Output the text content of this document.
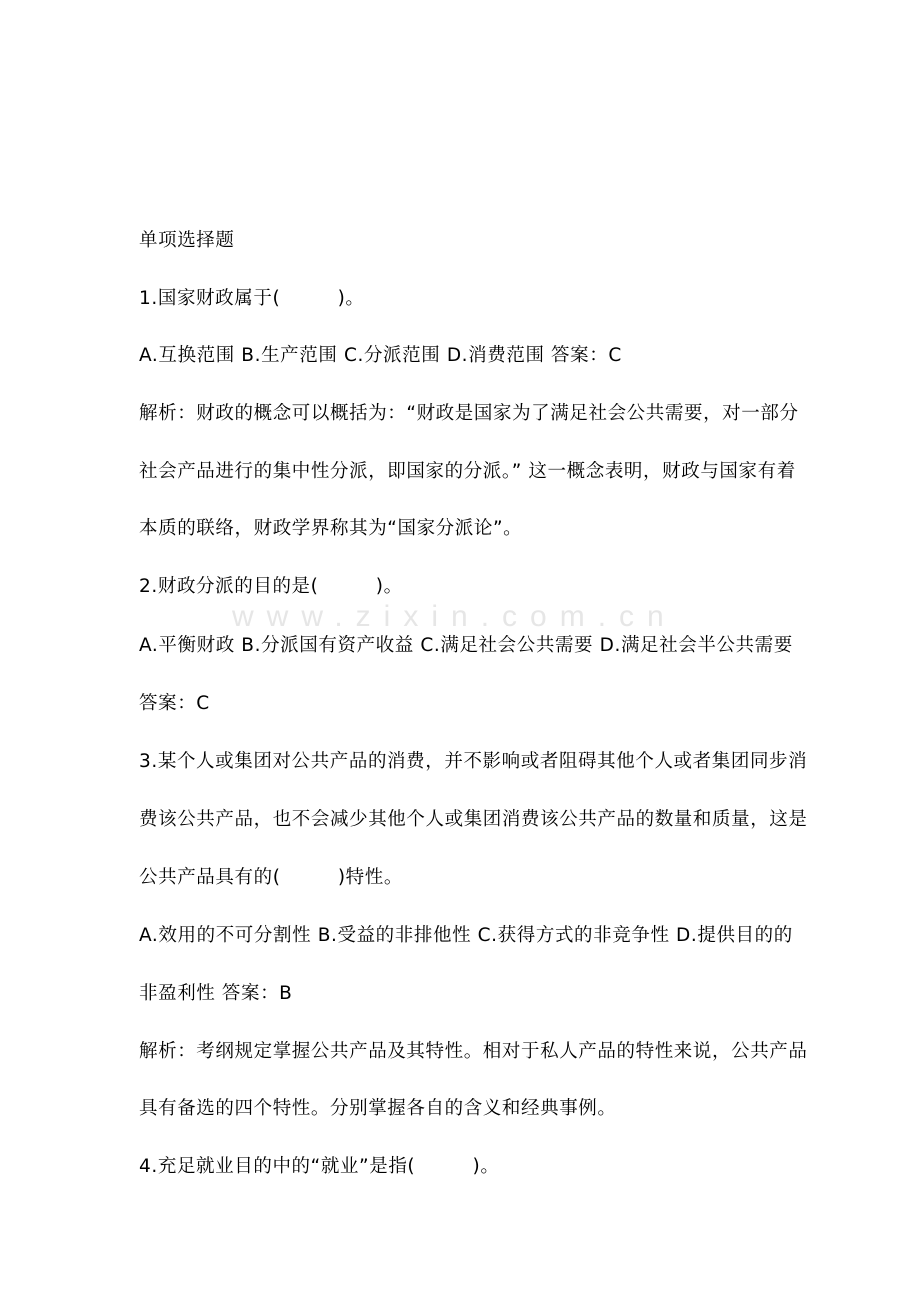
www.zixin.com.cn
单项选择题
1.国家财政属于(　　　)。
A.互换范围 B.生产范围 C.分派范围 D.消费范围 答案：C
解析：财政的概念可以概括为：“财政是国家为了满足社会公共需要，对一部分
社会产品进行的集中性分派，即国家的分派。” 这一概念表明，财政与国家有着
本质的联络，财政学界称其为“国家分派论”。
2.财政分派的目的是(　　　)。
A.平衡财政 B.分派国有资产收益 C.满足社会公共需要 D.满足社会半公共需要
答案：C
3.某个人或集团对公共产品的消费，并不影响或者阻碍其他个人或者集团同步消
费该公共产品，也不会减少其他个人或集团消费该公共产品的数量和质量，这是
公共产品具有的(　　　)特性。
A.效用的不可分割性 B.受益的非排他性 C.获得方式的非竞争性 D.提供目的的
非盈利性 答案：B
解析：考纲规定掌握公共产品及其特性。相对于私人产品的特性来说，公共产品
具有备选的四个特性。分别掌握各自的含义和经典事例。
4.充足就业目的中的“就业”是指(　　　)。
